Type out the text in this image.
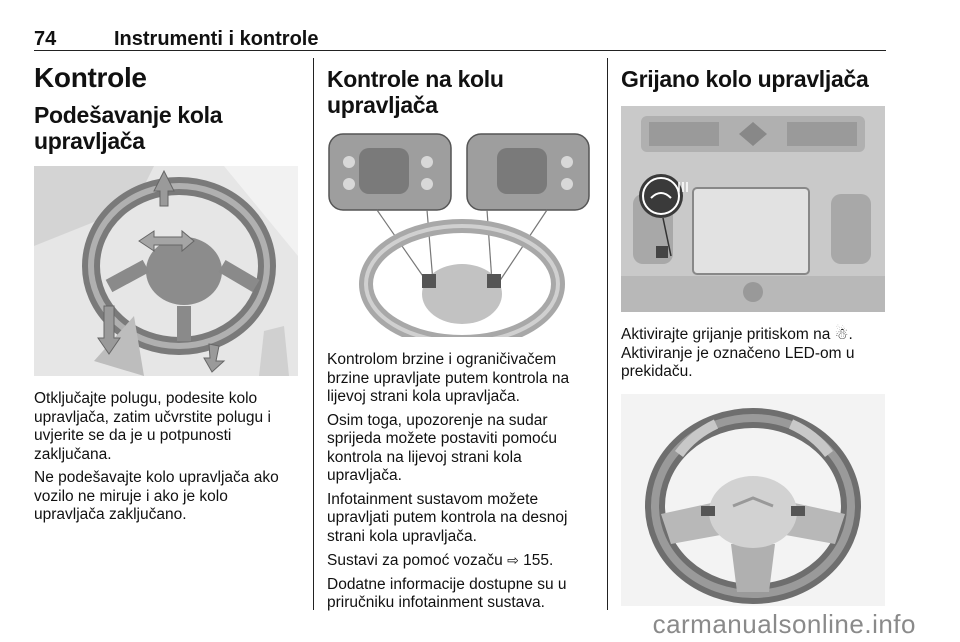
74	Instrumenti i kontrole
Kontrole
Podešavanje kola upravljača

Otključajte polugu, podesite kolo upravljača, zatim učvrstite polugu i uvjerite se da je u potpunosti zaključana.

Ne podešavajte kolo upravljača ako vozilo ne miruje i ako je kolo upravljača zaključano.

Kontrole na kolu upravljača

Kontrolom brzine i ograničivačem brzine upravljate putem kontrola na lijevoj strani kola upravljača.

Osim toga, upozorenje na sudar sprijeda možete postaviti pomoću kontrola na lijevoj strani kola upravljača.

Infotainment sustavom možete upravljati putem kontrola na desnoj strani kola upravljača.

Sustavi za pomoć vozaču ⇨ 155.

Dodatne informacije dostupne su u priručniku infotainment sustava.

Grijano kolo upravljača

Aktivirajte grijanje pritiskom na ☃.

Aktiviranje je označeno LED-om u prekidaču.

carmanualsonline.info
